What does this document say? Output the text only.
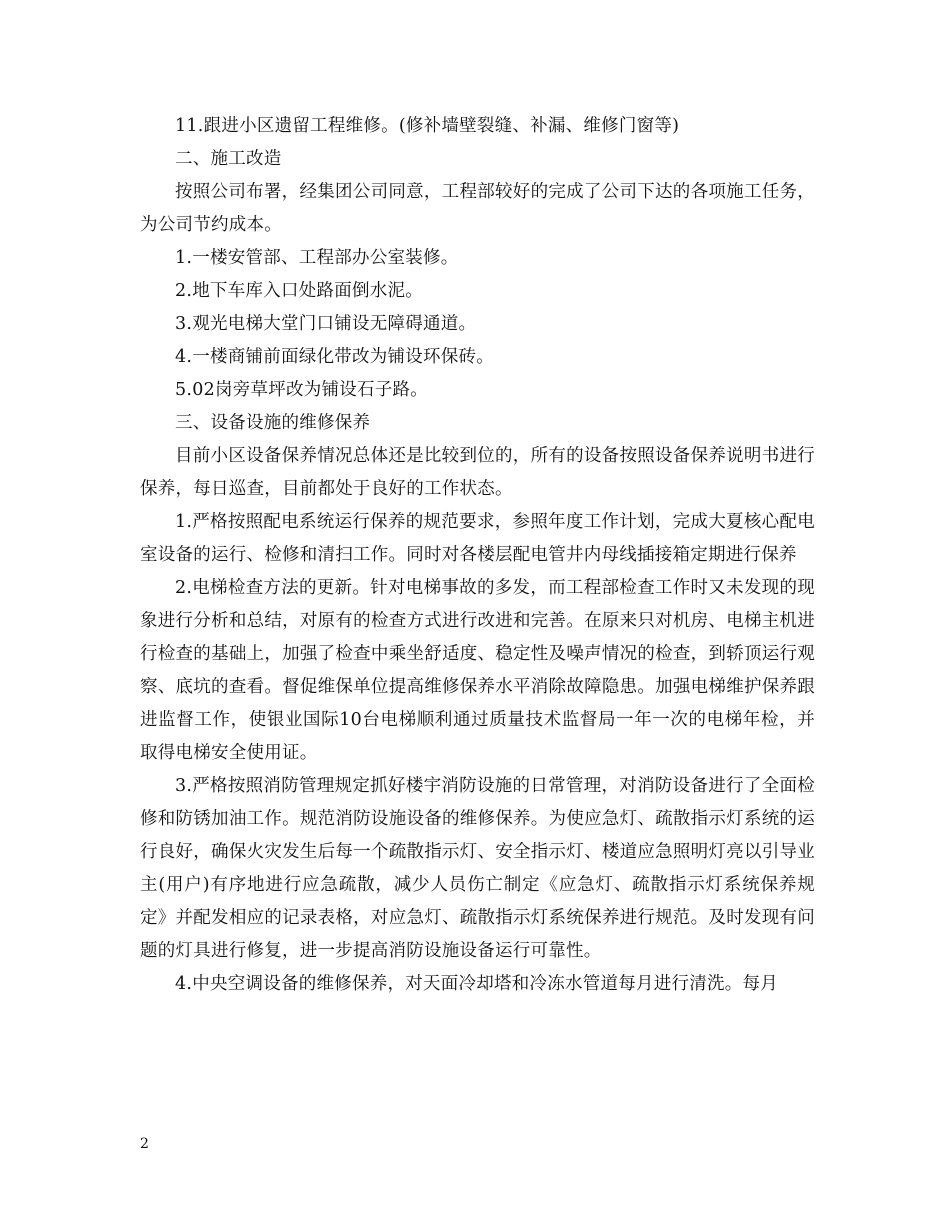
11.跟进小区遗留工程维修。(修补墙壁裂缝、补漏、维修门窗等)

二、施工改造

按照公司布署，经集团公司同意，工程部较好的完成了公司下达的各项施工任务，为公司节约成本。

1.一楼安管部、工程部办公室装修。

2.地下车库入口处路面倒水泥。

3.观光电梯大堂门口铺设无障碍通道。

4.一楼商铺前面绿化带改为铺设环保砖。

5.02岗旁草坪改为铺设石子路。

三、设备设施的维修保养

目前小区设备保养情况总体还是比较到位的，所有的设备按照设备保养说明书进行保养，每日巡查，目前都处于良好的工作状态。

1.严格按照配电系统运行保养的规范要求，参照年度工作计划，完成大夏核心配电室设备的运行、检修和清扫工作。同时对各楼层配电管井内母线插接箱定期进行保养

2.电梯检查方法的更新。针对电梯事故的多发，而工程部检查工作时又未发现的现象进行分析和总结，对原有的检查方式进行改进和完善。在原来只对机房、电梯主机进行检查的基础上，加强了检查中乘坐舒适度、稳定性及噪声情况的检查，到轿顶运行观察、底坑的查看。督促维保单位提高维修保养水平消除故障隐患。加强电梯维护保养跟进监督工作，使银业国际10台电梯顺利通过质量技术监督局一年一次的电梯年检，并取得电梯安全使用证。

3.严格按照消防管理规定抓好楼宇消防设施的日常管理，对消防设备进行了全面检修和防锈加油工作。规范消防设施设备的维修保养。为使应急灯、疏散指示灯系统的运行良好，确保火灾发生后每一个疏散指示灯、安全指示灯、楼道应急照明灯亮以引导业主(用户)有序地进行应急疏散，减少人员伤亡制定《应急灯、疏散指示灯系统保养规定》并配发相应的记录表格，对应急灯、疏散指示灯系统保养进行规范。及时发现有问题的灯具进行修复，进一步提高消防设施设备运行可靠性。

4.中央空调设备的维修保养，对天面冷却塔和冷冻水管道每月进行清洗。每月

2
